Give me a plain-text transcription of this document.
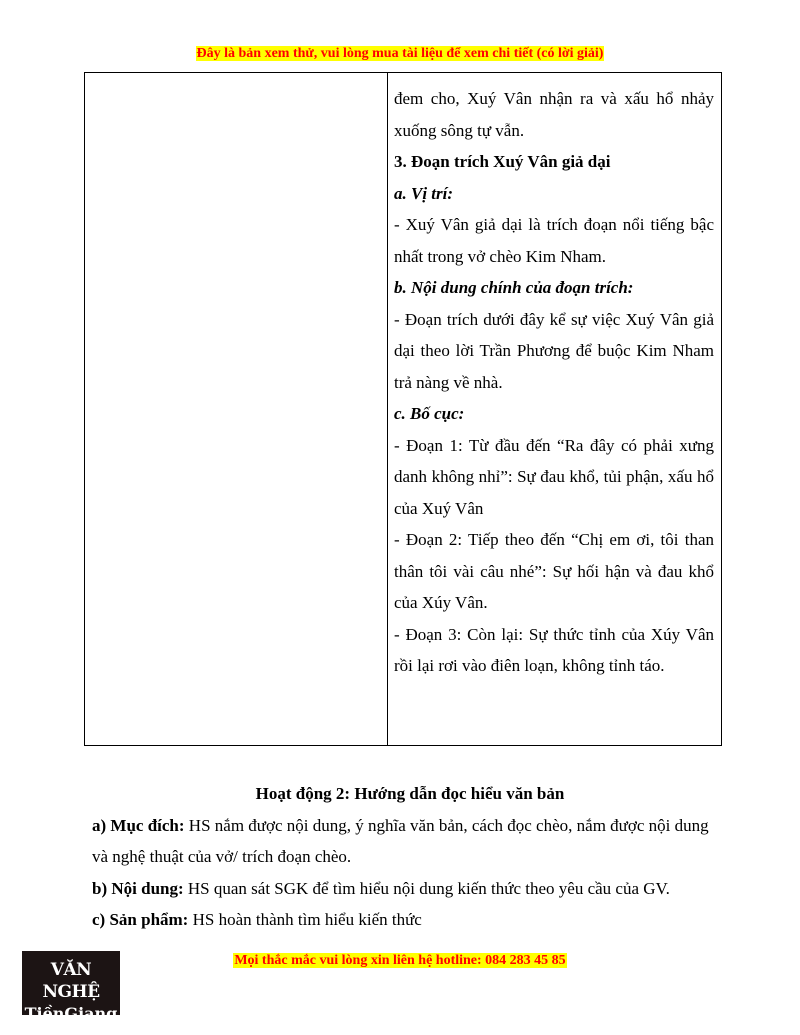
Đây là bản xem thử, vui lòng mua tài liệu để xem chi tiết (có lời giải)

đem cho, Xuý Vân nhận ra và xấu hổ nhảy xuống sông tự vẫn.

3. Đoạn trích Xuý Vân giả dại

a. Vị trí:

- Xuý Vân giả dại là trích đoạn nổi tiếng bậc nhất trong vở chèo Kim Nham.

b. Nội dung chính của đoạn trích:

- Đoạn trích dưới đây kể sự việc Xuý Vân giả dại theo lời Trần Phương để buộc Kim Nham trả nàng về nhà.

c. Bố cục:

- Đoạn 1: Từ đầu đến “Ra đây có phải xưng danh không nhỉ”: Sự đau khổ, tủi phận, xấu hổ của Xuý Vân

- Đoạn 2: Tiếp theo đến “Chị em ơi, tôi than thân tôi vài câu nhé”: Sự hối hận và đau khổ của Xúy Vân.

- Đoạn 3: Còn lại: Sự thức tỉnh của Xúy Vân rồi lại rơi vào điên loạn, không tỉnh táo.

Hoạt động 2: Hướng dẫn đọc hiểu văn bản

a) Mục đích: HS nắm được nội dung, ý nghĩa văn bản, cách đọc chèo, nắm được nội dung và nghệ thuật của vở/ trích đoạn chèo.

b) Nội dung: HS quan sát SGK để tìm hiểu nội dung kiến thức theo yêu cầu của GV.

c) Sản phẩm: HS hoàn thành tìm hiểu kiến thức

Mọi thắc mắc vui lòng xin liên hệ hotline: 084 283 45 85
VĂN NGHỆ
TiềnGiang
